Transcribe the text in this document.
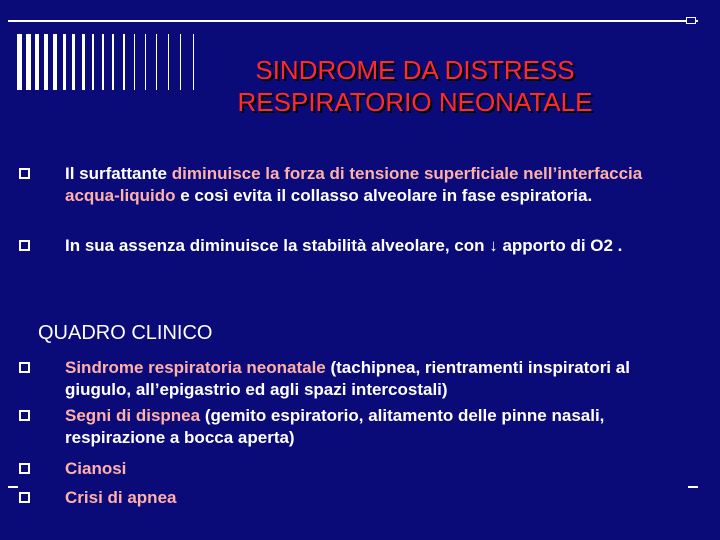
SINDROME DA DISTRESS
RESPIRATORIO NEONATALE
Il surfattante diminuisce la forza di tensione superficiale nell’interfaccia acqua-liquido e così evita il collasso alveolare in fase espiratoria.
In sua assenza diminuisce la stabilità alveolare, con ↓ apporto di O2 .
QUADRO CLINICO
Sindrome respiratoria neonatale (tachipnea, rientramenti inspiratori al giugulo, all’epigastrio ed agli spazi intercostali)
Segni di dispnea (gemito espiratorio, alitamento delle pinne nasali, respirazione a bocca aperta)
Cianosi
Crisi di apnea
